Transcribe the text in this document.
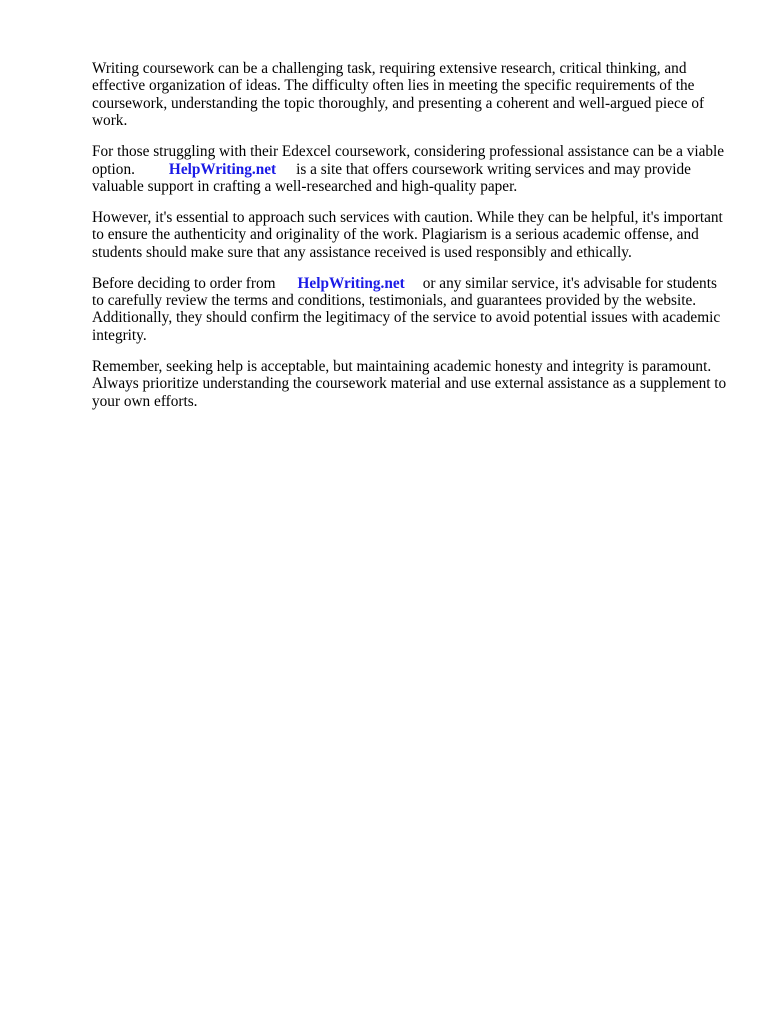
Writing coursework can be a challenging task, requiring extensive research, critical thinking, and effective organization of ideas. The difficulty often lies in meeting the specific requirements of the coursework, understanding the topic thoroughly, and presenting a coherent and well-argued piece of work.

For those struggling with their Edexcel coursework, considering professional assistance can be a viable option. HelpWriting.net is a site that offers coursework writing services and may provide valuable support in crafting a well-researched and high-quality paper.

However, it's essential to approach such services with caution. While they can be helpful, it's important to ensure the authenticity and originality of the work. Plagiarism is a serious academic offense, and students should make sure that any assistance received is used responsibly and ethically.

Before deciding to order from HelpWriting.net or any similar service, it's advisable for students to carefully review the terms and conditions, testimonials, and guarantees provided by the website. Additionally, they should confirm the legitimacy of the service to avoid potential issues with academic integrity.

Remember, seeking help is acceptable, but maintaining academic honesty and integrity is paramount. Always prioritize understanding the coursework material and use external assistance as a supplement to your own efforts.
